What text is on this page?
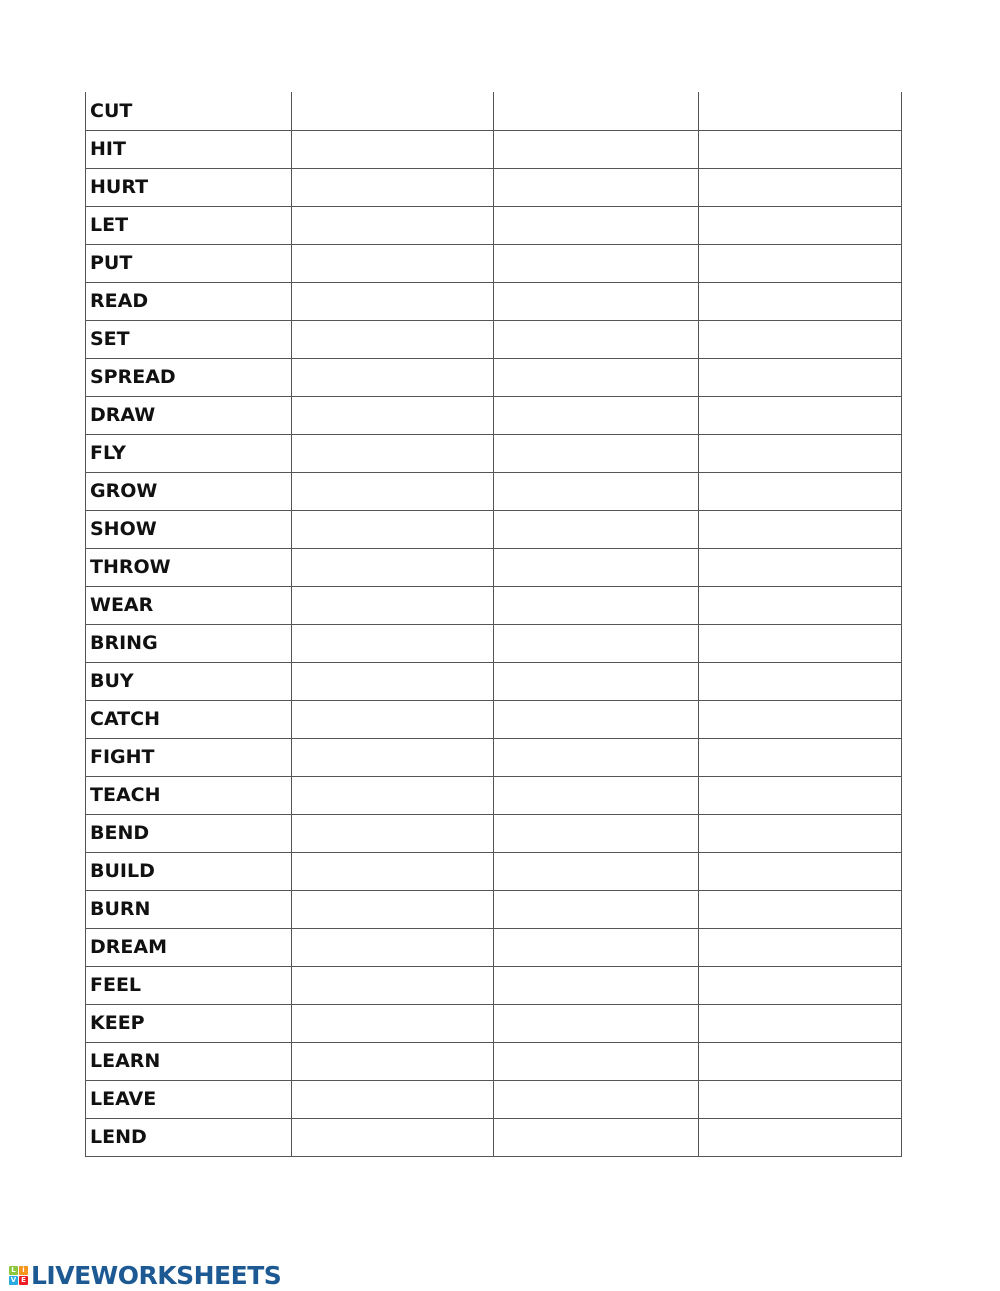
CUT			
HIT			
HURT			
LET			
PUT			
READ			
SET			
SPREAD			
DRAW			
FLY			
GROW			
SHOW			
THROW			
WEAR			
BRING			
BUY			
CATCH			
FIGHT			
TEACH			
BEND			
BUILD			
BURN			
DREAM			
FEEL			
KEEP			
LEARN			
LEAVE			
LEND			
L i
V E LIVEWORKSHEETS
